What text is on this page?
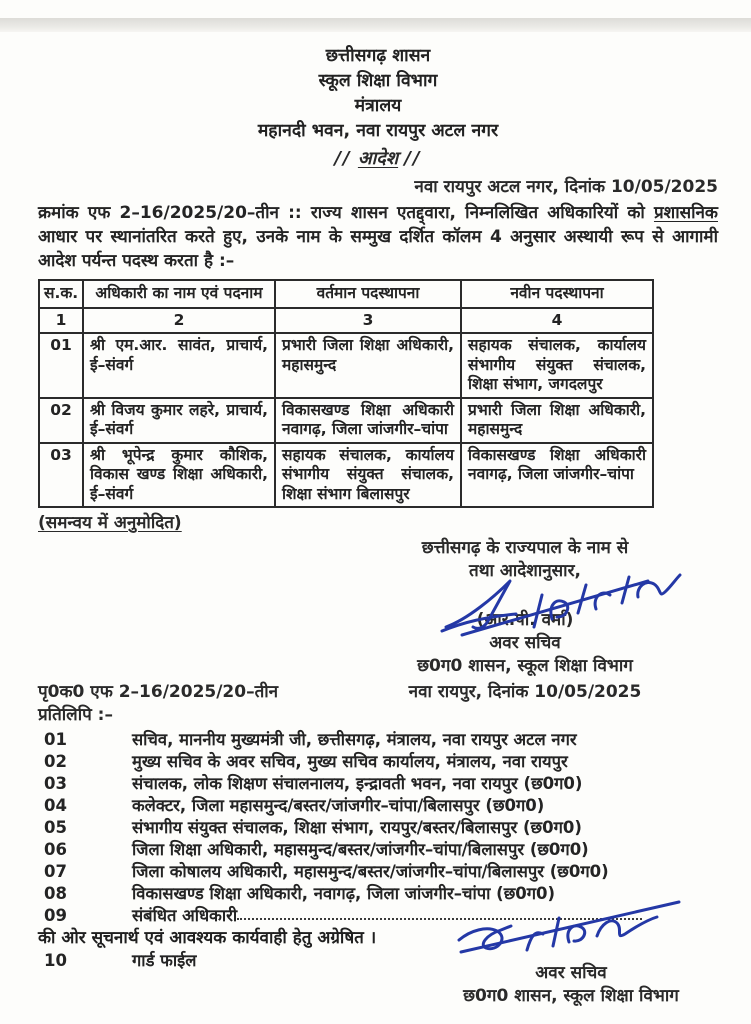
छत्तीसगढ़ शासन
स्कूल शिक्षा विभाग
मंत्रालय
महानदी भवन, नवा रायपुर अटल नगर
// आदेश //
नवा रायपुर अटल नगर, दिनांक 10/05/2025
क्रमांक एफ 2–16/2025/20–तीन :: राज्य शासन एतद्द्वारा, निम्नलिखित अधिकारियों को प्रशासनिक आधार पर स्थानांतरित करते हुए, उनके नाम के सम्मुख दर्शित कॉलम 4 अनुसार अस्थायी रूप से आगामी आदेश पर्यन्त पदस्थ करता है :–
स.क.	अधिकारी का नाम एवं पदनाम	वर्तमान पदस्थापना	नवीन पदस्थापना
1	2	3	4
01	श्री एम.आर. सावंत, प्राचार्य, ई–संवर्ग	प्रभारी जिला शिक्षा अधिकारी, महासमुन्द	सहायक संचालक, कार्यालय संभागीय संयुक्त संचालक, शिक्षा संभाग, जगदलपुर
02	श्री विजय कुमार लहरे, प्राचार्य, ई–संवर्ग	विकासखण्ड शिक्षा अधिकारी नवागढ़, जिला जांजगीर–चांपा	प्रभारी जिला शिक्षा अधिकारी, महासमुन्द
03	श्री भूपेन्द्र कुमार कौशिक, विकास खण्ड शिक्षा अधिकारी, ई–संवर्ग	सहायक संचालक, कार्यालय संभागीय संयुक्त संचालक, शिक्षा संभाग बिलासपुर	विकासखण्ड शिक्षा अधिकारी नवागढ़, जिला जांजगीर–चांपा
(समन्वय में अनुमोदित)
छत्तीसगढ़ के राज्यपाल के नाम से
तथा आदेशानुसार,
(आर.पी. वर्मा)
अवर सचिव
छ0ग0 शासन, स्कूल शिक्षा विभाग
पृ0क0 एफ 2–16/2025/20–तीन	नवा रायपुर, दिनांक 10/05/2025
प्रतिलिपि :–
01	सचिव, माननीय मुख्यमंत्री जी, छत्तीसगढ़, मंत्रालय, नवा रायपुर अटल नगर
02	मुख्य सचिव के अवर सचिव, मुख्य सचिव कार्यालय, मंत्रालय, नवा रायपुर
03	संचालक, लोक शिक्षण संचालनालय, इन्द्रावती भवन, नवा रायपुर (छ0ग0)
04	कलेक्टर, जिला महासमुन्द/बस्तर/जांजगीर–चांपा/बिलासपुर (छ0ग0)
05	संभागीय संयुक्त संचालक, शिक्षा संभाग, रायपुर/बस्तर/बिलासपुर (छ0ग0)
06	जिला शिक्षा अधिकारी, महासमुन्द/बस्तर/जांजगीर–चांपा/बिलासपुर (छ0ग0)
07	जिला कोषालय अधिकारी, महासमुन्द/बस्तर/जांजगीर–चांपा/बिलासपुर (छ0ग0)
08	विकासखण्ड शिक्षा अधिकारी, नवागढ़, जिला जांजगीर–चांपा (छ0ग0)
09	संबंधित अधिकारी
की ओर सूचनार्थ एवं आवश्यक कार्यवाही हेतु अग्रेषित ।
10	गार्ड फाईल
अवर सचिव
छ0ग0 शासन, स्कूल शिक्षा विभाग
